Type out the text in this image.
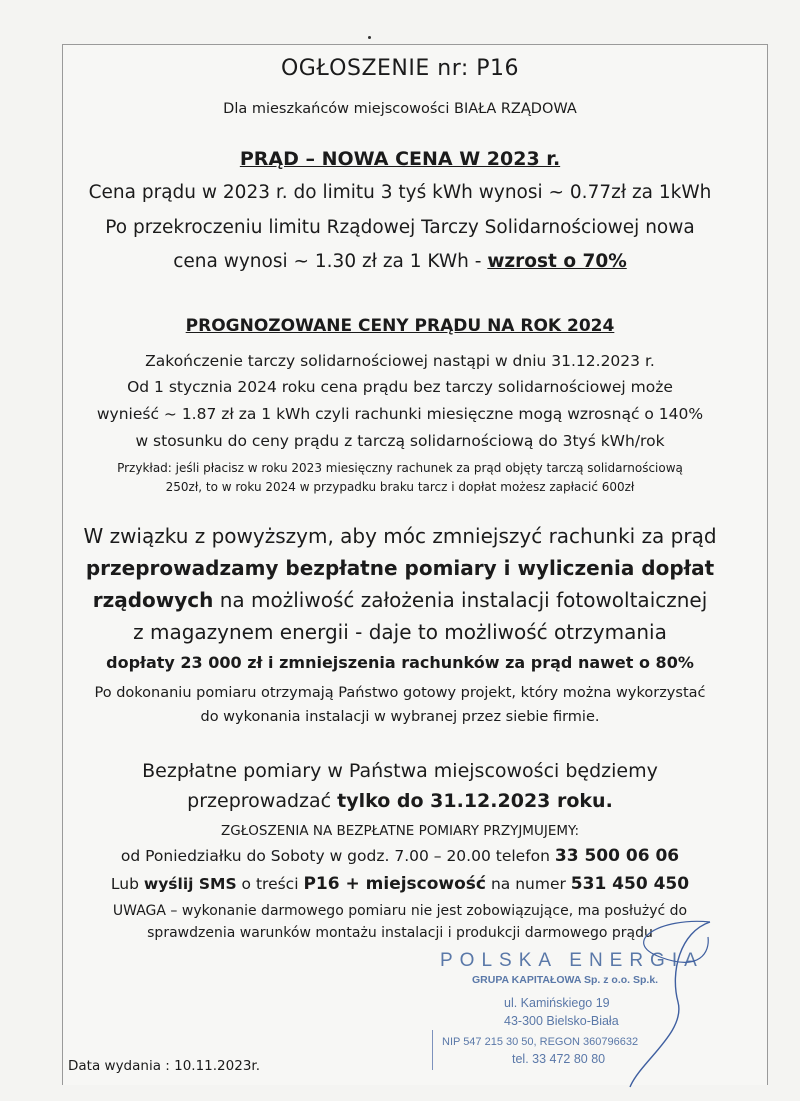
OGŁOSZENIE nr: P16
Dla mieszkańców miejscowości BIAŁA RZĄDOWA
PRĄD – NOWA CENA W 2023 r.
Cena prądu w 2023 r. do limitu 3 tyś kWh wynosi ~ 0.77zł za 1kWh
Po przekroczeniu limitu Rządowej Tarczy Solidarnościowej nowa
cena wynosi ~ 1.30 zł za 1 KWh - wzrost o 70%
PROGNOZOWANE CENY PRĄDU NA ROK 2024
Zakończenie tarczy solidarnościowej nastąpi w dniu 31.12.2023 r.
Od 1 stycznia 2024 roku cena prądu bez tarczy solidarnościowej może
wynieść ~ 1.87 zł za 1 kWh czyli rachunki miesięczne mogą wzrosnąć o 140%
w stosunku do ceny prądu z tarczą solidarnościową do 3tyś kWh/rok
Przykład: jeśli płacisz w roku 2023 miesięczny rachunek za prąd objęty tarczą solidarnościową
250zł, to w roku 2024 w przypadku braku tarcz i dopłat możesz zapłacić 600zł
W związku z powyższym, aby móc zmniejszyć rachunki za prąd
przeprowadzamy bezpłatne pomiary i wyliczenia dopłat
rządowych na możliwość założenia instalacji fotowoltaicznej
z magazynem energii - daje to możliwość otrzymania
dopłaty 23 000 zł i zmniejszenia rachunków za prąd nawet o 80%
Po dokonaniu pomiaru otrzymają Państwo gotowy projekt, który można wykorzystać
do wykonania instalacji w wybranej przez siebie firmie.
Bezpłatne pomiary w Państwa miejscowości będziemy
przeprowadzać tylko do 31.12.2023 roku.
ZGŁOSZENIA NA BEZPŁATNE POMIARY PRZYJMUJEMY:
od Poniedziałku do Soboty w godz. 7.00 – 20.00 telefon 33 500 06 06
Lub wyślij SMS o treści P16 + miejscowość na numer 531 450 450
UWAGA – wykonanie darmowego pomiaru nie jest zobowiązujące, ma posłużyć do
sprawdzenia warunków montażu instalacji i produkcji darmowego prądu
POLSKA ENERGIA
GRUPA KAPITAŁOWA Sp. z o.o. Sp.k.
ul. Kamińskiego 19
43-300 Bielsko-Biała
NIP 547 215 30 50, REGON 360796632
tel. 33 472 80 80
Data wydania : 10.11.2023r.
